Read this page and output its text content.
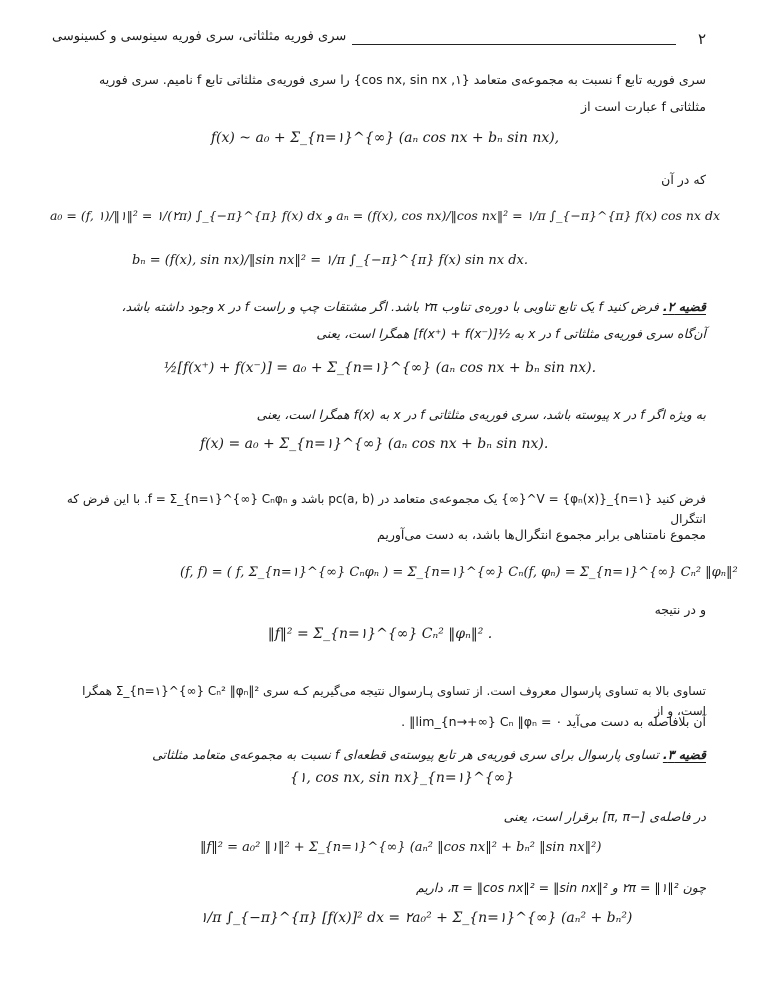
۲
سری فوریه مثلثاتی، سری فوریه سینوسی و کسینوسی
سری فوریه تابع f نسبت به مجموعه‌ی متعامد {۱, cos nx, sin nx} را سری فوریه‌ی مثلثاتی تابع f نامیم. سری فوریه
مثلثاتی f عبارت است از
f(x) ~ a₀ + Σ_{n=۱}^{∞} (aₙ cos nx + bₙ sin nx),
که در آن
a₀ = (f, ۱)/‖۱‖² = ۱/(۲π) ∫_{−π}^{π} f(x) dx و aₙ = (f(x), cos nx)/‖cos nx‖² = ۱/π ∫_{−π}^{π} f(x) cos nx dx
bₙ = (f(x), sin nx)/‖sin nx‖² = ۱/π ∫_{−π}^{π} f(x) sin nx dx.
قضیه ۲. فرض کنید f یک تابع تناوبی با دوره‌ی تناوب ۲π باشد. اگر مشتقات چپ و راست f در x وجود داشته باشد،
آن‌گاه سری فوریه‌ی مثلثاتی f در x به ½[f(x⁺) + f(x⁻)] همگرا است، یعنی
½[f(x⁺) + f(x⁻)] = a₀ + Σ_{n=۱}^{∞} (aₙ cos nx + bₙ sin nx).
به ویژه اگر f در x پیوسته باشد، سری فوریه‌ی مثلثاتی f در x به f(x) همگرا است، یعنی
f(x) = a₀ + Σ_{n=۱}^{∞} (aₙ cos nx + bₙ sin nx).
فرض کنید V = {φₙ(x)}_{n=۱}^{∞} یک مجموعه‌ی متعامد در pc(a, b) باشد و f = Σ_{n=۱}^{∞} Cₙφₙ. با این فرض که انتگرال
مجموع نامتناهی برابر مجموع انتگرال‌ها باشد، به دست می‌آوریم
(f, f) = ( f, Σ_{n=۱}^{∞} Cₙφₙ ) = Σ_{n=۱}^{∞} Cₙ(f, φₙ) = Σ_{n=۱}^{∞} Cₙ² ‖φₙ‖²
و در نتیجه
‖f‖² = Σ_{n=۱}^{∞} Cₙ² ‖φₙ‖² .
تساوی بالا به تساوی پارسوال معروف است. از تساوی پـارسوال نتیجه می‌گیریم کـه سری Σ_{n=۱}^{∞} Cₙ² ‖φₙ‖² همگرا است، و از
آن بلافاصله به دست می‌آید ۰ = lim_{n→+∞} Cₙ ‖φₙ‖ .
قضیه ۳. تساوی پارسوال برای سری فوریه‌ی هر تابع پیوسته‌ی قطعه‌ای f نسبت به مجموعه‌ی متعامد مثلثاتی
{۱, cos nx, sin nx}_{n=۱}^{∞}
در فاصله‌ی [−π, π] برقرار است، یعنی
‖f‖² = a₀² ‖۱‖² + Σ_{n=۱}^{∞} (aₙ² ‖cos nx‖² + bₙ² ‖sin nx‖²)
چون ۲π = ‖۱‖² و π = ‖cos nx‖² = ‖sin nx‖²، داریم
۱/π ∫_{−π}^{π} [f(x)]² dx = ۲a₀² + Σ_{n=۱}^{∞} (aₙ² + bₙ²)
